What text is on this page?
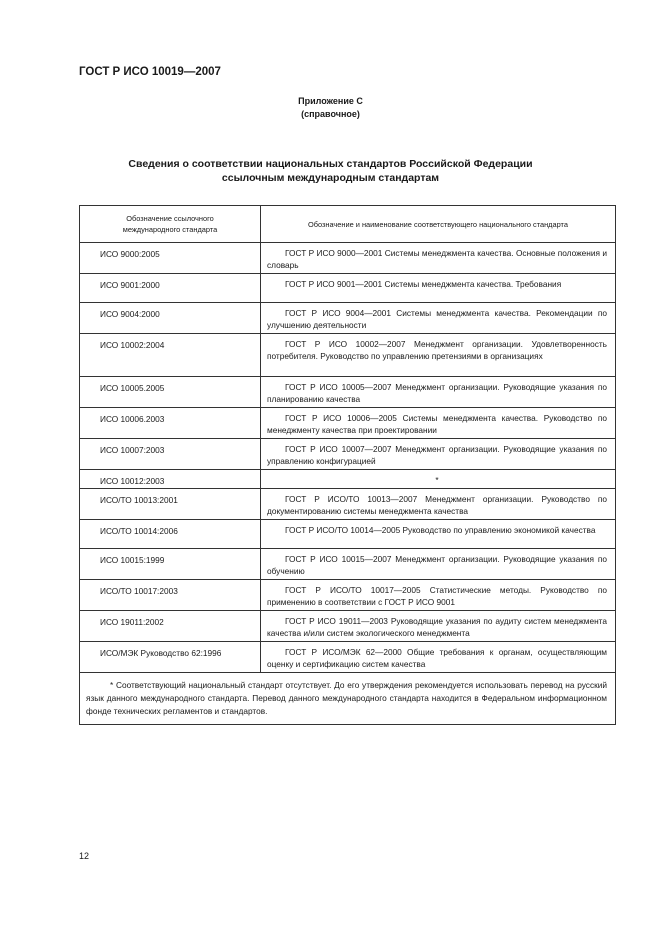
ГОСТ Р ИСО 10019—2007
Приложение С
(справочное)
Сведения о соответствии национальных стандартов Российской Федерации
ссылочным международным стандартам
Обозначение ссылочного международного стандарта	Обозначение и наименование соответствующего национального стандарта
ИСО 9000:2005	ГОСТ Р ИСО 9000—2001 Системы менеджмента качества. Основные положения и словарь
ИСО 9001:2000	ГОСТ Р ИСО 9001—2001 Системы менеджмента качества. Требования
ИСО 9004:2000	ГОСТ Р ИСО 9004—2001 Системы менеджмента качества. Рекомендации по улучшению деятельности
ИСО 10002:2004	ГОСТ Р ИСО 10002—2007 Менеджмент организации. Удовлетворенность потребителя. Руководство по управлению претензиями в организациях
ИСО 10005.2005	ГОСТ Р ИСО 10005—2007 Менеджмент организации. Руководящие указания по планированию качества
ИСО 10006.2003	ГОСТ Р ИСО 10006—2005 Системы менеджмента качества. Руководство по менеджменту качества при проектировании
ИСО 10007:2003	ГОСТ Р ИСО 10007—2007 Менеджмент организации. Руководящие указания по управлению конфигурацией
ИСО 10012:2003	*
ИСО/ТО 10013:2001	ГОСТ Р ИСО/ТО 10013—2007 Менеджмент организации. Руководство по документированию системы менеджмента качества
ИСО/ТО 10014:2006	ГОСТ Р ИСО/ТО 10014—2005 Руководство по управлению экономикой качества
ИСО 10015:1999	ГОСТ Р ИСО 10015—2007 Менеджмент организации. Руководящие указания по обучению
ИСО/ТО 10017:2003	ГОСТ Р ИСО/ТО 10017—2005 Статистические методы. Руководство по применению в соответствии с ГОСТ Р ИСО 9001
ИСО 19011:2002	ГОСТ Р ИСО 19011—2003 Руководящие указания по аудиту систем менеджмента качества и/или систем экологического менеджмента
ИСО/МЭК Руководство 62:1996	ГОСТ Р ИСО/МЭК 62—2000 Общие требования к органам, осуществляющим оценку и сертификацию систем качества
* Соответствующий национальный стандарт отсутствует. До его утверждения рекомендуется использовать перевод на русский язык данного международного стандарта. Перевод данного международного стандарта находится в Федеральном информационном фонде технических регламентов и стандартов.	
12
